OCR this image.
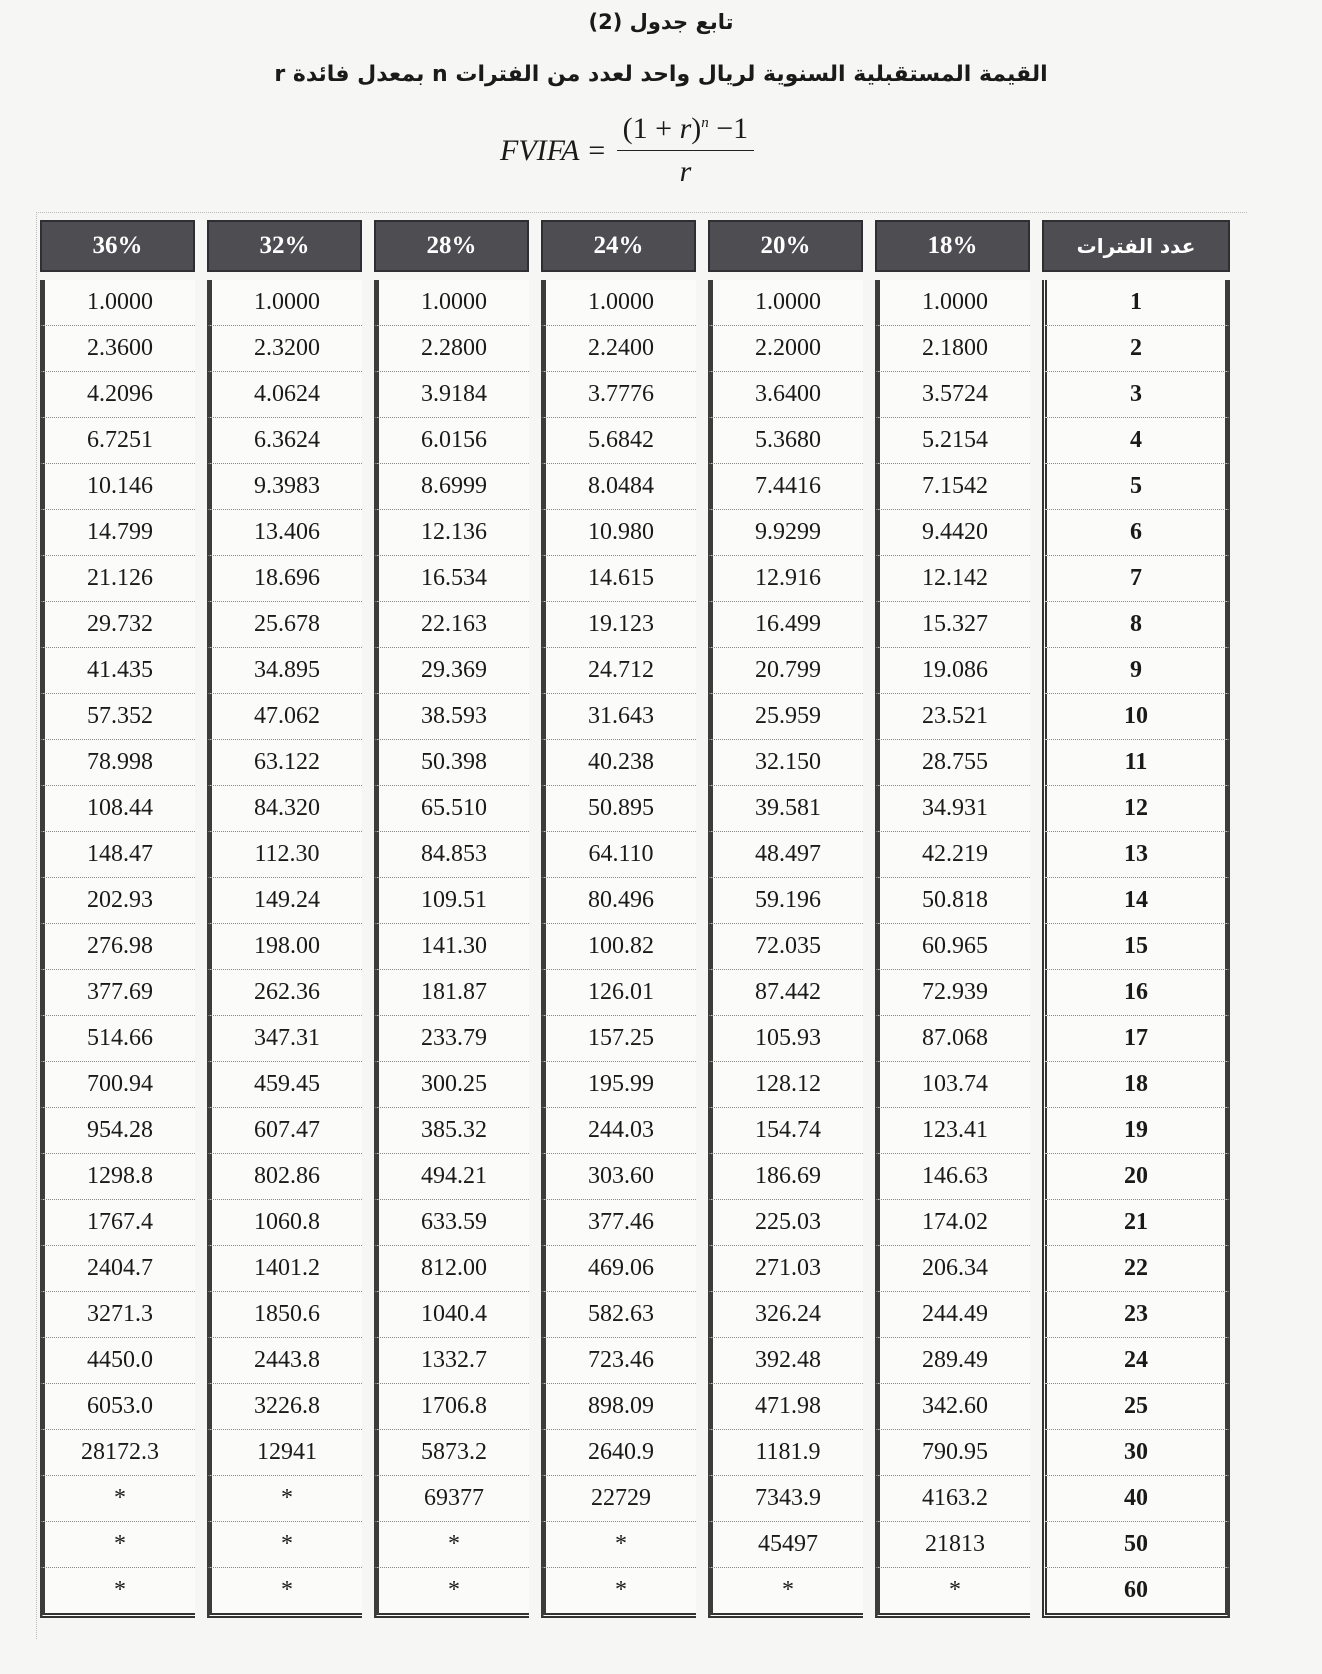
تابع جدول (2)
القيمة المستقبلية السنوية لريال واحد لعدد من الفترات n بمعدل فائدة r
FVIFA = $\frac{(1 + r)^n -1}{r}$
36%	32%	28%	24%	20%	18%	عدد الفترات

1.0000	1.0000	1.0000	1.0000	1.0000	1.0000	1
2.3600	2.3200	2.2800	2.2400	2.2000	2.1800	2
4.2096	4.0624	3.9184	3.7776	3.6400	3.5724	3
6.7251	6.3624	6.0156	5.6842	5.3680	5.2154	4
10.146	9.3983	8.6999	8.0484	7.4416	7.1542	5
14.799	13.406	12.136	10.980	9.9299	9.4420	6
21.126	18.696	16.534	14.615	12.916	12.142	7
29.732	25.678	22.163	19.123	16.499	15.327	8
41.435	34.895	29.369	24.712	20.799	19.086	9
57.352	47.062	38.593	31.643	25.959	23.521	10
78.998	63.122	50.398	40.238	32.150	28.755	11
108.44	84.320	65.510	50.895	39.581	34.931	12
148.47	112.30	84.853	64.110	48.497	42.219	13
202.93	149.24	109.51	80.496	59.196	50.818	14
276.98	198.00	141.30	100.82	72.035	60.965	15
377.69	262.36	181.87	126.01	87.442	72.939	16
514.66	347.31	233.79	157.25	105.93	87.068	17
700.94	459.45	300.25	195.99	128.12	103.74	18
954.28	607.47	385.32	244.03	154.74	123.41	19
1298.8	802.86	494.21	303.60	186.69	146.63	20
1767.4	1060.8	633.59	377.46	225.03	174.02	21
2404.7	1401.2	812.00	469.06	271.03	206.34	22
3271.3	1850.6	1040.4	582.63	326.24	244.49	23
4450.0	2443.8	1332.7	723.46	392.48	289.49	24
6053.0	3226.8	1706.8	898.09	471.98	342.60	25
28172.3	12941	5873.2	2640.9	1181.9	790.95	30
*	*	69377	22729	7343.9	4163.2	40
*	*	*	*	45497	21813	50
*	*	*	*	*	*	60
